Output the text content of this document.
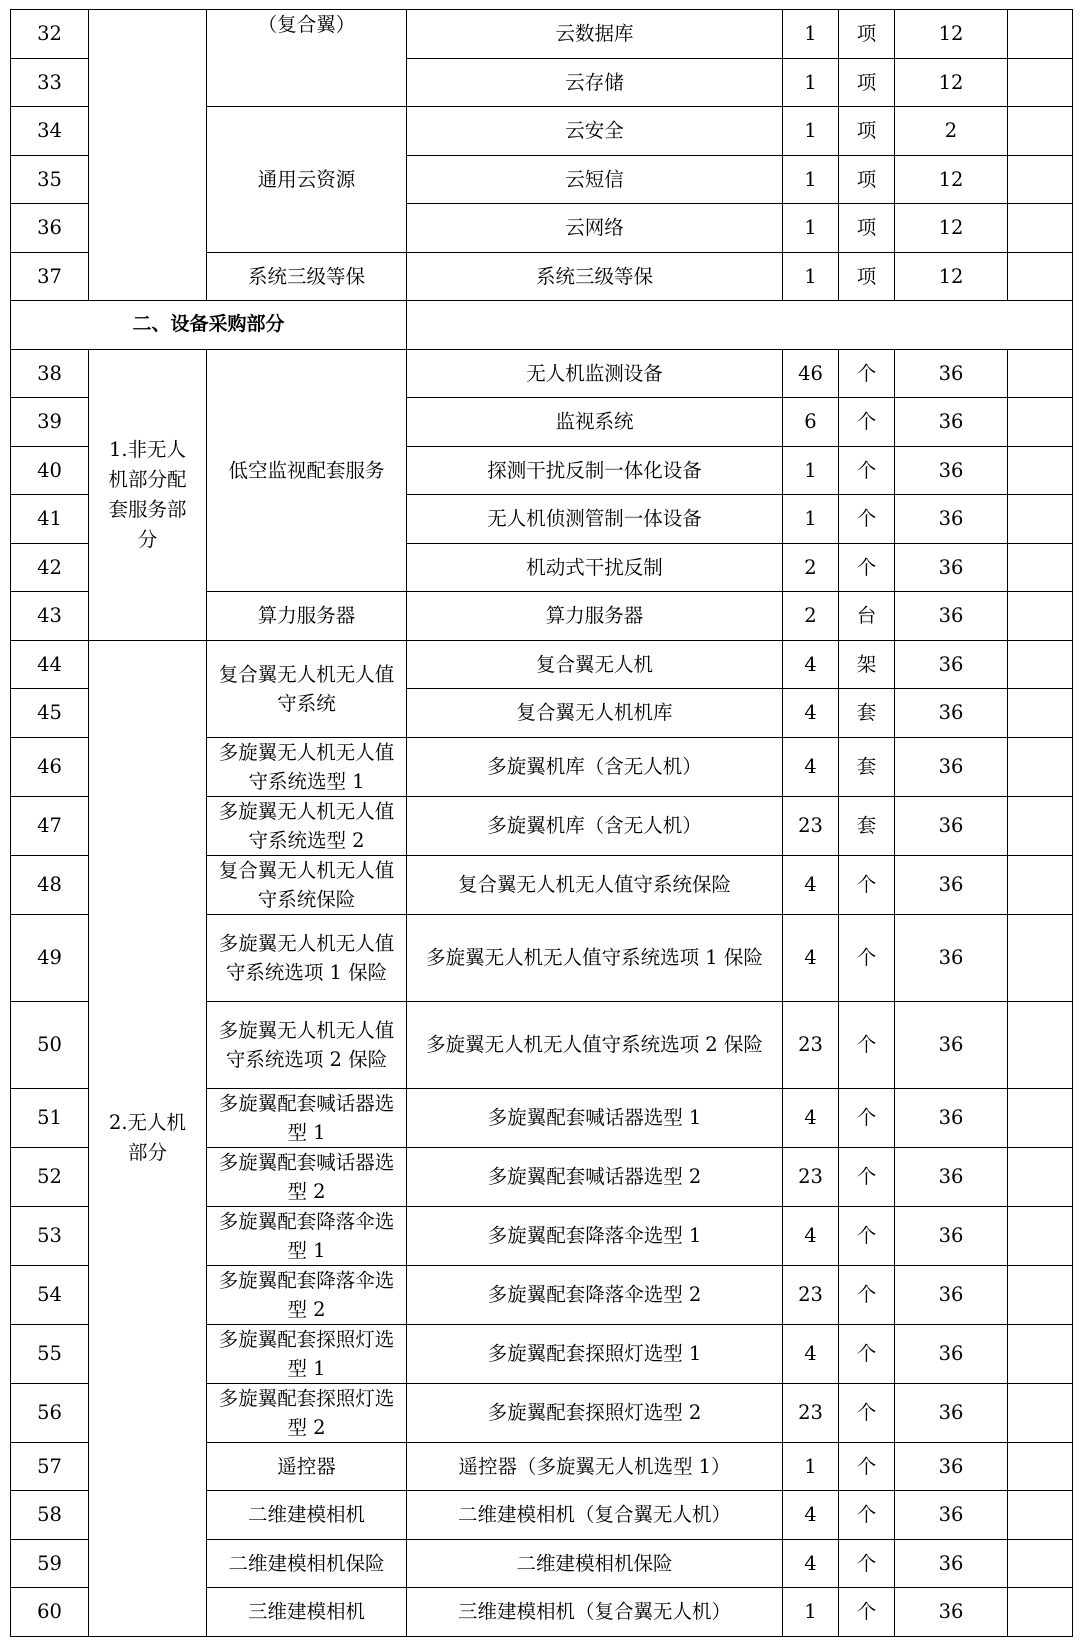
32		（复合翼）	云数据库	1	项	12	
33			云存储	1	项	12	
34		通用云资源	云安全	1	项	2	
35			云短信	1	项	12	
36			云网络	1	项	12	
37		系统三级等保	系统三级等保	1	项	12	
二、设备采购部分							
38	1.非无人机部分配套服务部分	低空监视配套服务	无人机监测设备	46	个	36	
39			监视系统	6	个	36	
40			探测干扰反制一体化设备	1	个	36	
41			无人机侦测管制一体设备	1	个	36	
42			机动式干扰反制	2	个	36	
43		算力服务器	算力服务器	2	台	36	
44	2.无人机部分	复合翼无人机无人值守系统	复合翼无人机	4	架	36	
45			复合翼无人机机库	4	套	36	
46		多旋翼无人机无人值守系统选型 1	多旋翼机库（含无人机）	4	套	36	
47		多旋翼无人机无人值守系统选型 2	多旋翼机库（含无人机）	23	套	36	
48		复合翼无人机无人值守系统保险	复合翼无人机无人值守系统保险	4	个	36	
49		多旋翼无人机无人值守系统选项 1 保险	多旋翼无人机无人值守系统选项 1 保险	4	个	36	
50		多旋翼无人机无人值守系统选项 2 保险	多旋翼无人机无人值守系统选项 2 保险	23	个	36	
51		多旋翼配套喊话器选型 1	多旋翼配套喊话器选型 1	4	个	36	
52		多旋翼配套喊话器选型 2	多旋翼配套喊话器选型 2	23	个	36	
53		多旋翼配套降落伞选型 1	多旋翼配套降落伞选型 1	4	个	36	
54		多旋翼配套降落伞选型 2	多旋翼配套降落伞选型 2	23	个	36	
55		多旋翼配套探照灯选型 1	多旋翼配套探照灯选型 1	4	个	36	
56		多旋翼配套探照灯选型 2	多旋翼配套探照灯选型 2	23	个	36	
57		遥控器	遥控器（多旋翼无人机选型 1）	1	个	36	
58		二维建模相机	二维建模相机（复合翼无人机）	4	个	36	
59		二维建模相机保险	二维建模相机保险	4	个	36	
60		三维建模相机	三维建模相机（复合翼无人机）	1	个	36	
